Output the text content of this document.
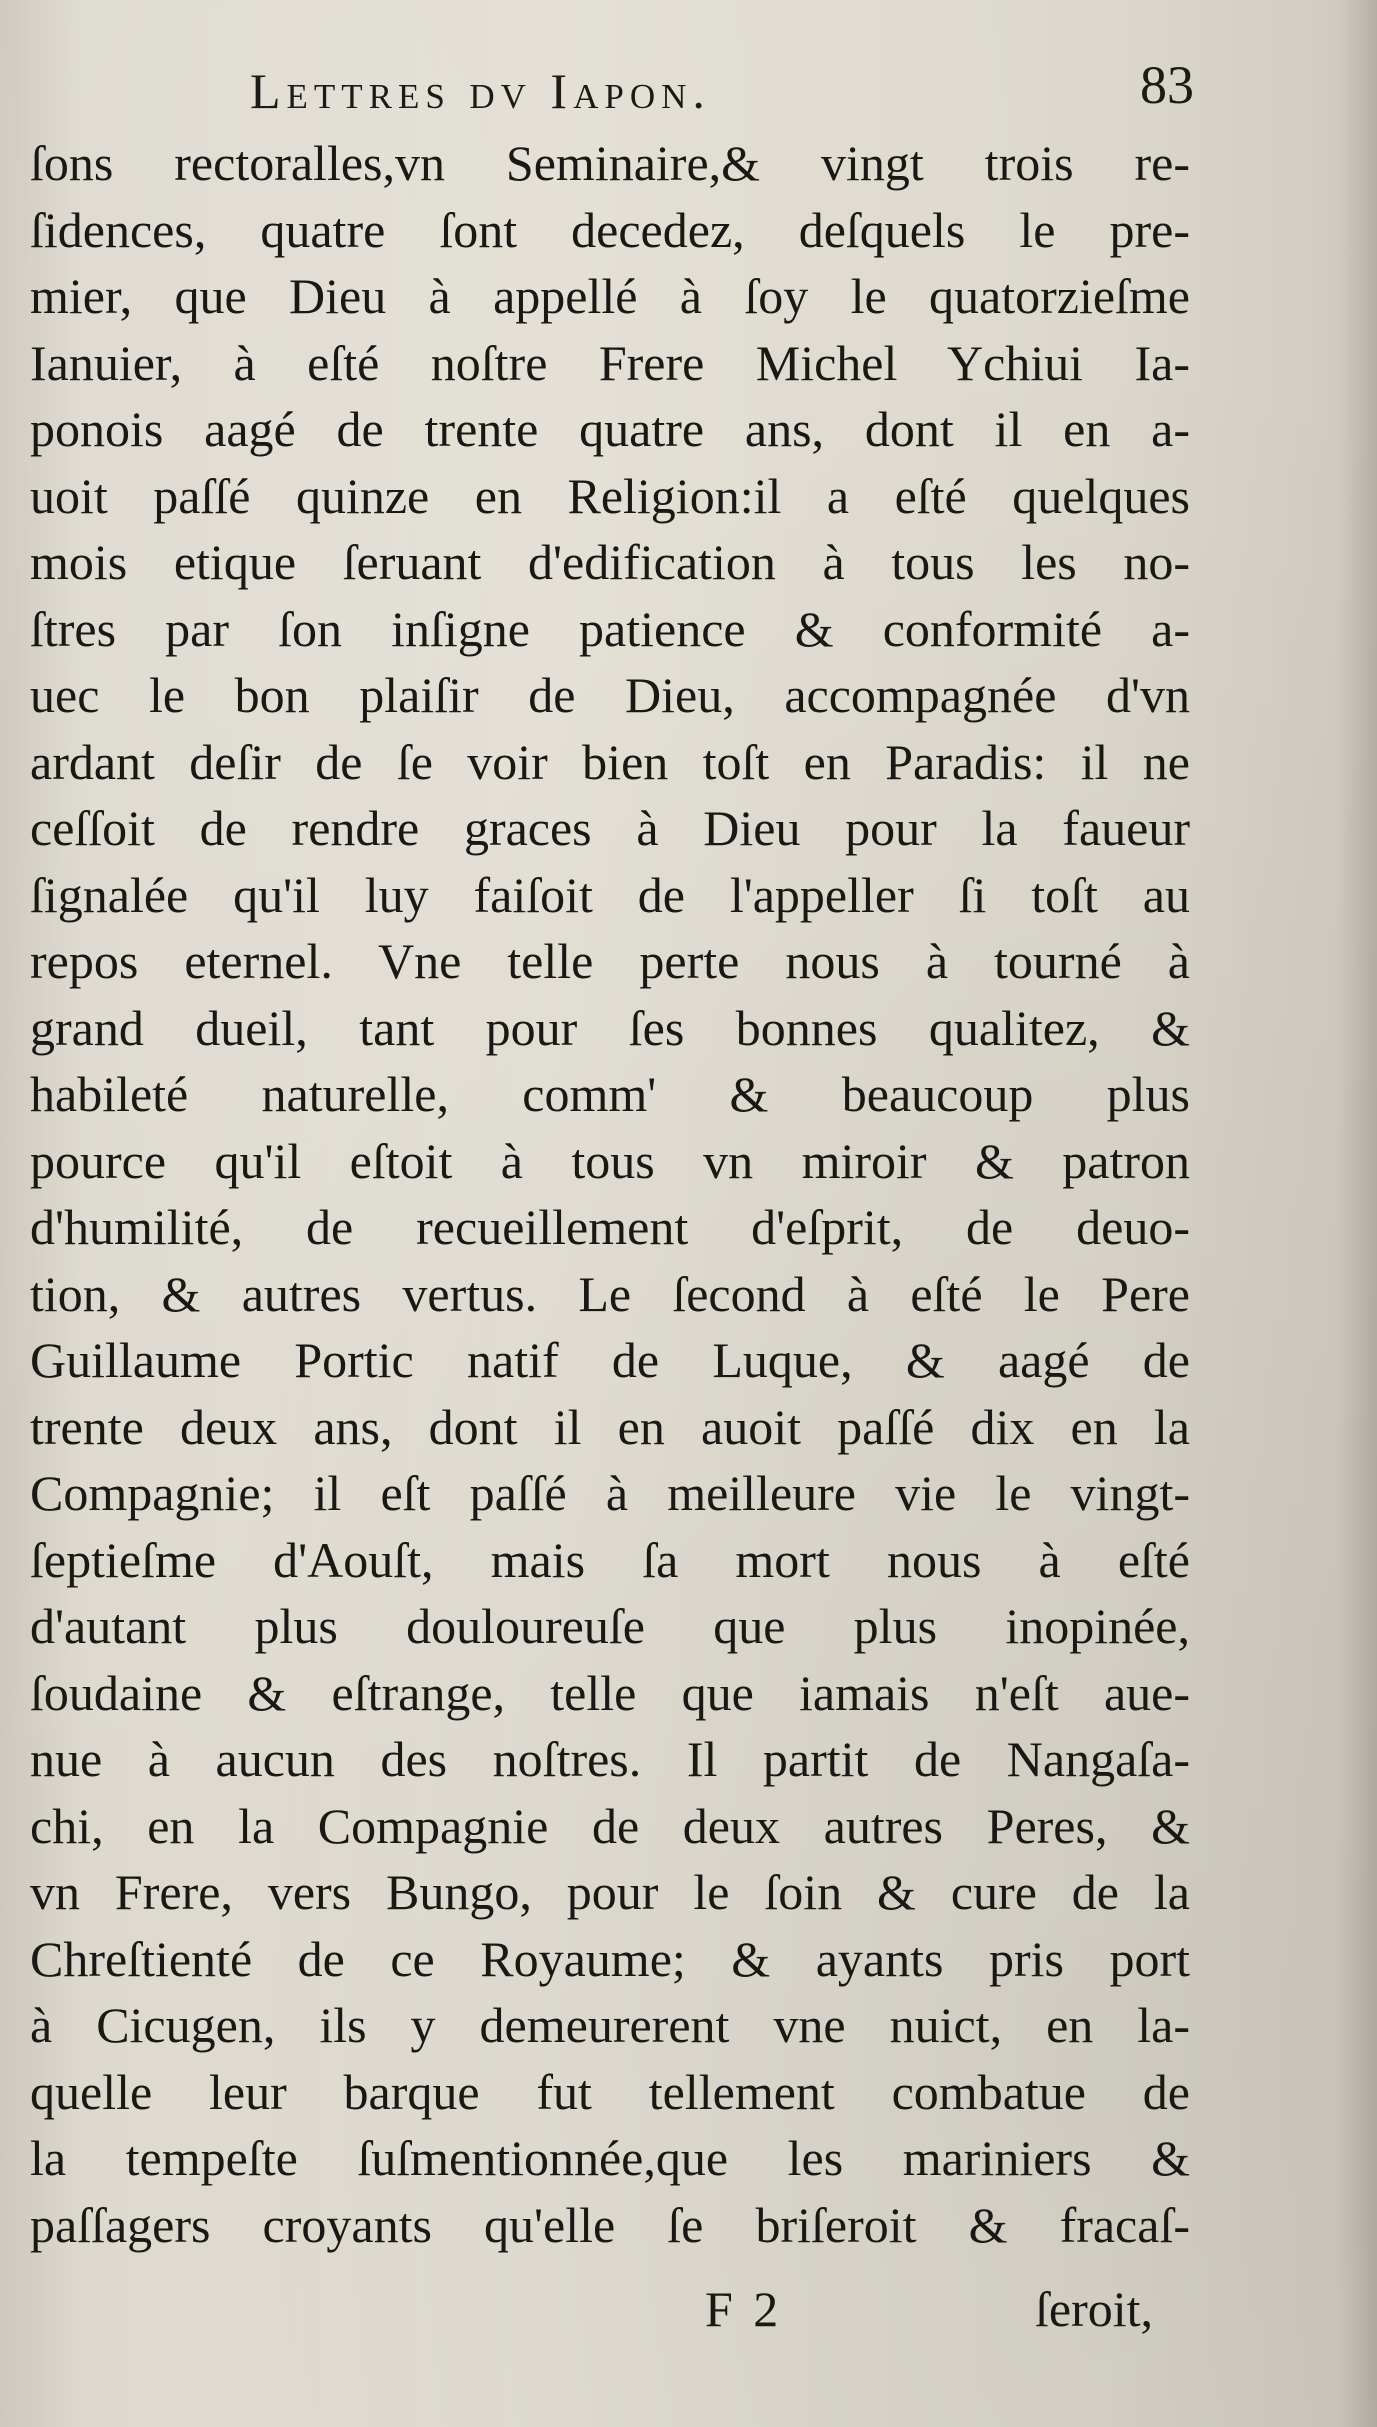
Lettres dv Iapon.	83
ſons rectoralles,vn Seminaire,& vingt trois re-
ſidences, quatre ſont decedez, deſquels le pre-
mier, que Dieu à appellé à ſoy le quatorzieſme
Ianuier, à eſté noſtre Frere Michel Ychiui Ia-
ponois aagé de trente quatre ans, dont il en a-
uoit paſſé quinze en Religion:il a eſté quelques
mois etique ſeruant d'edification à tous les no-
ſtres par ſon inſigne patience & conformité a-
uec le bon plaiſir de Dieu, accompagnée d'vn
ardant deſir de ſe voir bien toſt en Paradis: il ne
ceſſoit de rendre graces à Dieu pour la faueur
ſignalée qu'il luy faiſoit de l'appeller ſi toſt au
repos eternel. Vne telle perte nous à tourné à
grand dueil, tant pour ſes bonnes qualitez, &
habileté naturelle, comm' & beaucoup plus
pource qu'il eſtoit à tous vn miroir & patron
d'humilité, de recueillement d'eſprit, de deuo-
tion, & autres vertus. Le ſecond à eſté le Pere
Guillaume Portic natif de Luque, & aagé de
trente deux ans, dont il en auoit paſſé dix en la
Compagnie; il eſt paſſé à meilleure vie le vingt-
ſeptieſme d'Aouſt, mais ſa mort nous à eſté
d'autant plus douloureuſe que plus inopinée,
ſoudaine & eſtrange, telle que iamais n'eſt aue-
nue à aucun des noſtres. Il partit de Nangaſa-
chi, en la Compagnie de deux autres Peres, &
vn Frere, vers Bungo, pour le ſoin & cure de la
Chreſtienté de ce Royaume; & ayants pris port
à Cicugen, ils y demeurerent vne nuict, en la-
quelle leur barque fut tellement combatue de
la tempeſte ſuſmentionnée,que les mariniers &
paſſagers croyants qu'elle ſe briſeroit & fracaſ-
F 2	ſeroit,
